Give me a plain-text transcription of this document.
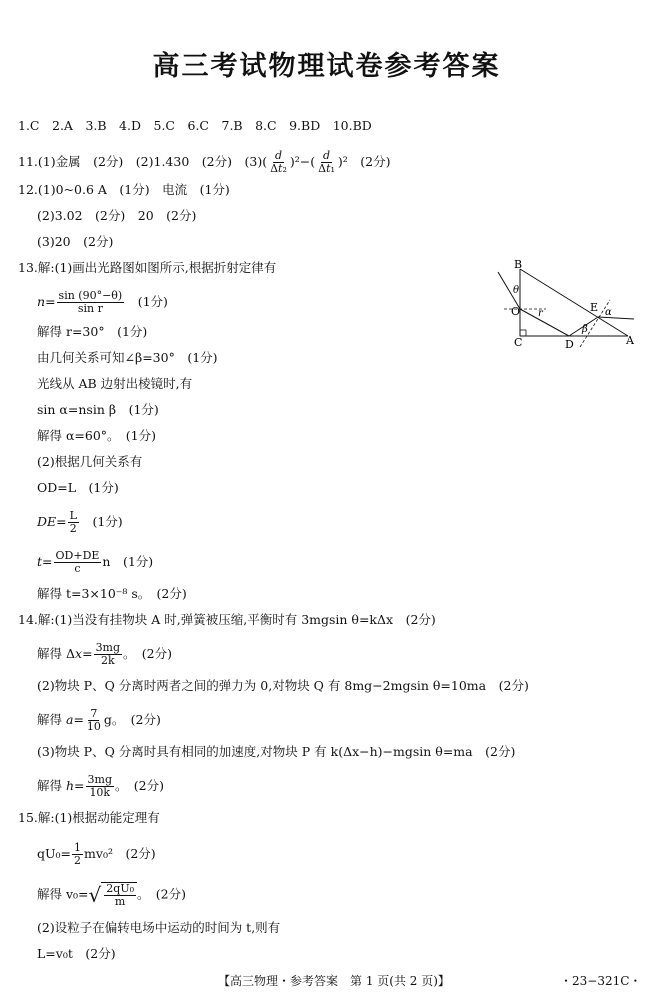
高三考试物理试卷参考答案
1.C　2.A　3.B　4.D　5.C　6.C　7.B　8.C　9.BD　10.BD
11.(1)金属　(2分)　(2)1.430　(2分)　$(3)( \frac{d}{\text{Δt₂}} )^2-( \frac{d}{\text{Δt₁}} )^2$　(2分)
12.(1)0~0.6 A　(1分)　电流　(1分)
(2)3.02　(2分)　20　(2分)
(3)20　(2分)
13.解:(1)画出光路图如图所示,根据折射定律有
$n= \frac{\sin (90^\circ-\theta)}{\text{sin r}}$ 　(1分)
解得 r=30°　(1分)
由几何关系可知∠β=30°　(1分)
光线从 AB 边射出棱镜时,有
sin α=nsin β　(1分)
解得 α=60°。　(1分)
(2)根据几何关系有
OD=L　(1分)
$DE= \frac{L}{2}$ 　(1分)
$t= \frac{OD+DE}{c}$ n　(1分)
解得 t=3×10⁻⁸ s。　(2分)
B
θ
O r	E α
β
C	D	A
14.解:(1)当没有挂物块 A 时,弹簧被压缩,平衡时有 3mgsin θ=kΔx　(2分)
解得 $\Delta x= \frac{3mg}{2k}$ 。　(2分)
(2)物块 P、Q 分离时两者之间的弹力为 0,对物块 Q 有 8mg−2mgsin θ=10ma　(2分)
解得 $a= \frac{7}{10}$ g。　(2分)
(3)物块 P、Q 分离时具有相同的加速度,对物块 P 有 k(Δx−h)−mgsin θ=ma　(2分)
解得 $h= \frac{3mg}{10k}$ 。　(2分)
15.解:(1)根据动能定理有
$qU_0= \frac{1}{2} mv_0^2$　(2分)
解得 v₀= √ $\frac{\text{2qU₀}}{m}$ 。　(2分)
(2)设粒子在偏转电场中运动的时间为 t,则有
L=v₀t　(2分)
【高三物理・参考答案　第 1 页(共 2 页)】	・23−321C・
